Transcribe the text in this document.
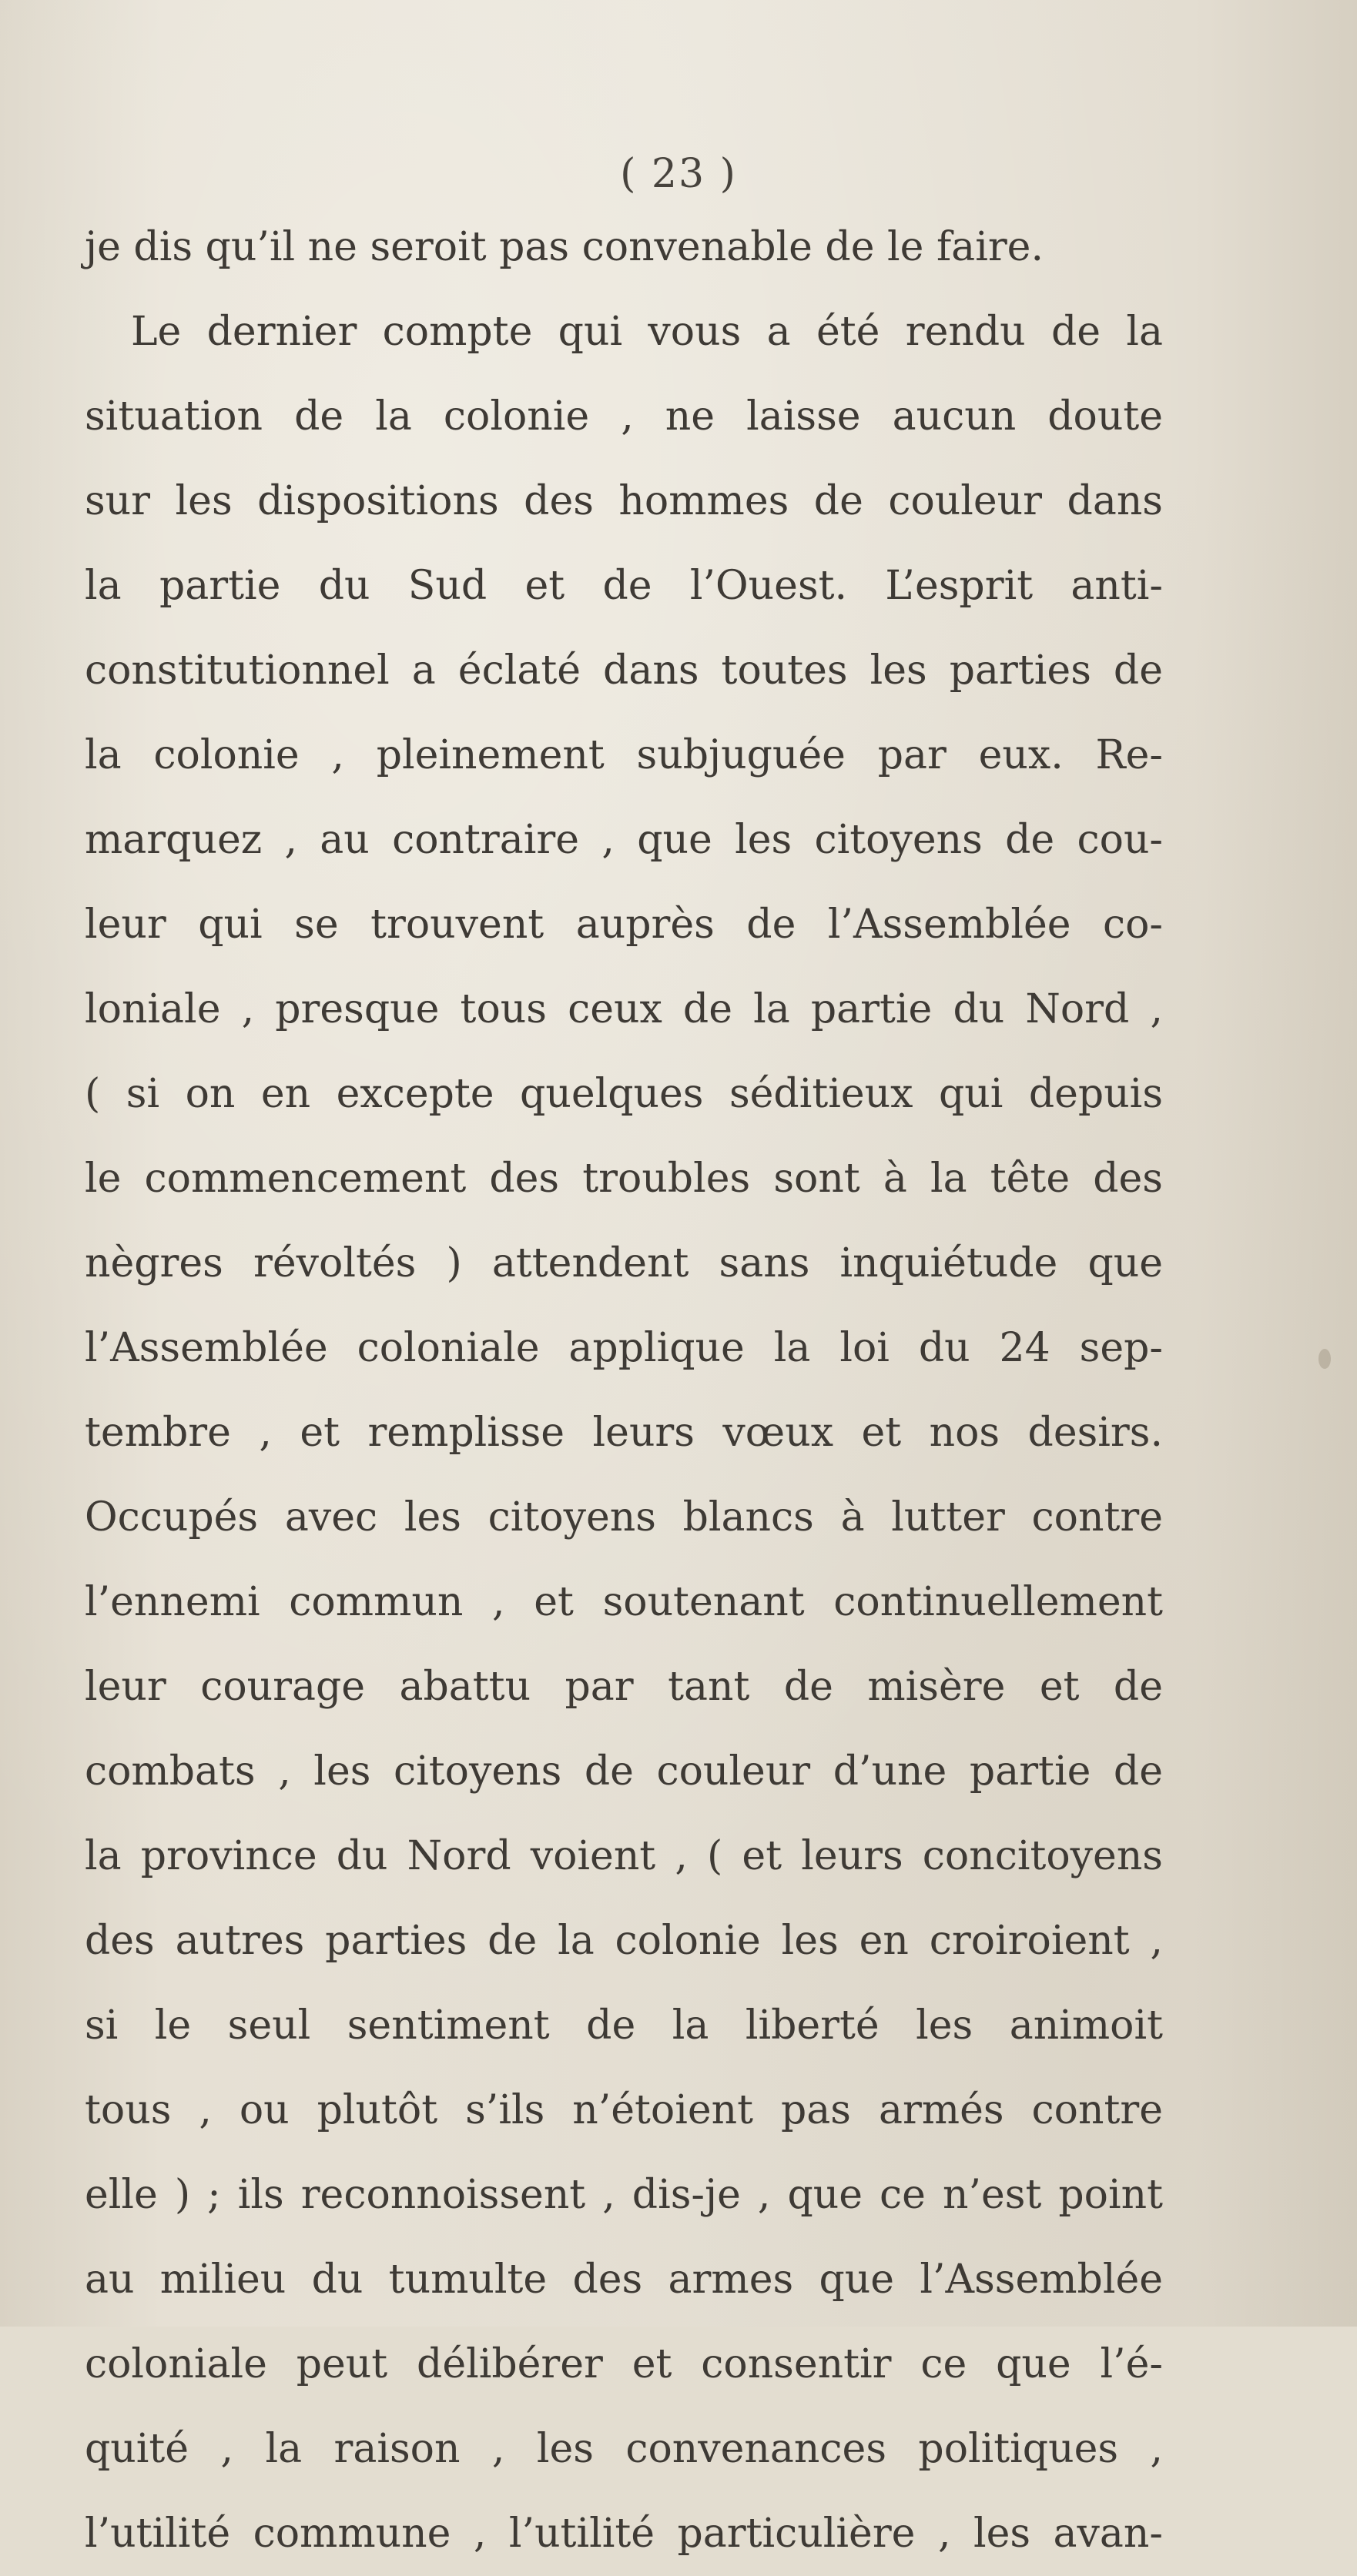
( 23 )
je dis qu’il ne seroit pas convenable de le faire.
Le dernier compte qui vous a été rendu de la
situation de la colonie , ne laisse aucun doute
sur les dispositions des hommes de couleur dans
la partie du Sud et de l’Ouest. L’esprit anti-
constitutionnel a éclaté dans toutes les parties de
la colonie , pleinement subjuguée par eux. Re-
marquez , au contraire , que les citoyens de cou-
leur qui se trouvent auprès de l’Assemblée co-
loniale , presque tous ceux de la partie du Nord ,
( si on en excepte quelques séditieux qui depuis
le commencement des troubles sont à la tête des
nègres révoltés ) attendent sans inquiétude que
l’Assemblée coloniale applique la loi du 24 sep-
tembre , et remplisse leurs vœux et nos desirs.
Occupés avec les citoyens blancs à lutter contre
l’ennemi commun , et soutenant continuellement
leur courage abattu par tant de misère et de
combats , les citoyens de couleur d’une partie de
la province du Nord voient , ( et leurs concitoyens
des autres parties de la colonie les en croiroient ,
si le seul sentiment de la liberté les animoit
tous , ou plutôt s’ils n’étoient pas armés contre
elle ) ; ils reconnoissent , dis-je , que ce n’est point
au milieu du tumulte des armes que l’Assemblée
coloniale peut délibérer et consentir ce que l’é-
quité , la raison , les convenances politiques ,
l’utilité commune , l’utilité particulière , les avan-
